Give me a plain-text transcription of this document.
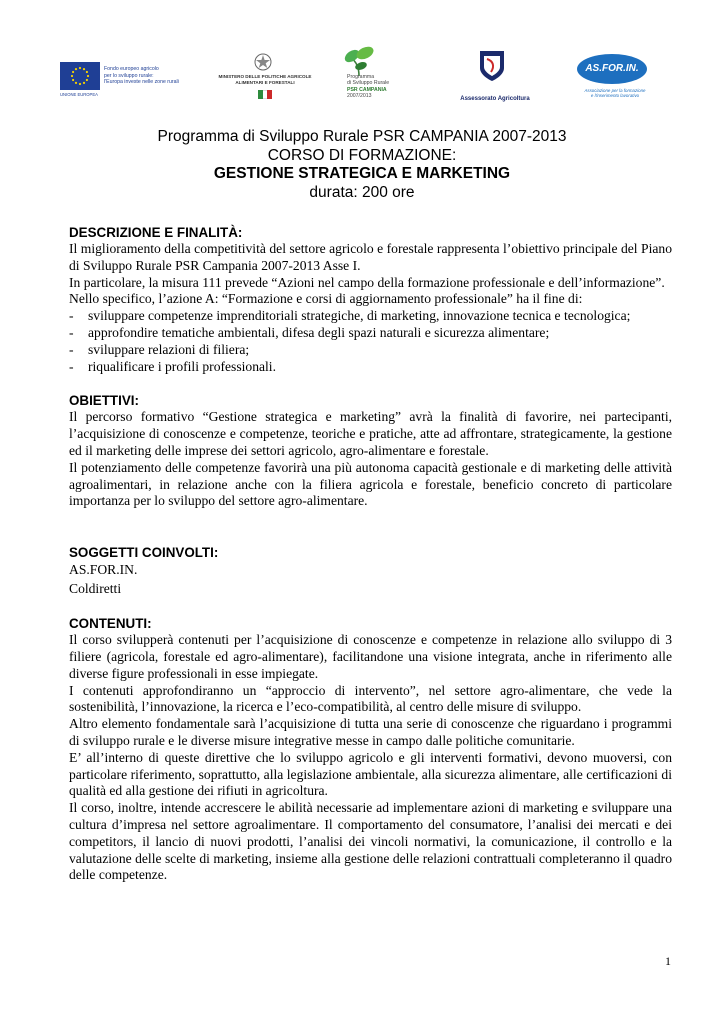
Fondo europeo agricolo
per lo sviluppo rurale:
l'Europa investe nelle zone rurali
UNIONE EUROPEA
MINISTERO DELLE POLITICHE AGRICOLE
ALIMENTARI E FORESTALI
Programma
di Sviluppo Rurale
PSR CAMPANIA
2007/2013	Assessorato Agricoltura
AS.FOR.IN.
Associazione per la formazione
e l'inserimento lavorativo
Programma di Sviluppo Rurale PSR CAMPANIA 2007-2013
CORSO DI FORMAZIONE:
GESTIONE STRATEGICA E MARKETING
durata: 200 ore
DESCRIZIONE E FINALITÀ:
Il miglioramento della competitività del settore agricolo e forestale rappresenta l’obiettivo principale del Piano di Sviluppo Rurale PSR Campania 2007-2013 Asse I.
In particolare, la misura 111 prevede “Azioni nel campo della formazione professionale e dell’informazione”.
Nello specifico, l’azione A: “Formazione e corsi di aggiornamento professionale” ha il fine di:
-	sviluppare competenze imprenditoriali strategiche, di marketing, innovazione tecnica e tecnologica;
-	approfondire tematiche ambientali, difesa degli spazi naturali e sicurezza alimentare;
-	sviluppare relazioni di filiera;
-	riqualificare i profili professionali.
OBIETTIVI:
Il percorso formativo “Gestione strategica e marketing” avrà la finalità di favorire, nei partecipanti, l’acquisizione di conoscenze e competenze, teoriche e pratiche, atte ad affrontare, strategicamente, la gestione ed il marketing delle imprese dei settori agricolo, agro-alimentare e forestale.
Il potenziamento delle competenze favorirà una più autonoma capacità gestionale e di marketing delle attività agroalimentari, in relazione anche con la filiera agricola e forestale, beneficio concreto di particolare importanza per lo sviluppo del settore agro-alimentare.
SOGGETTI COINVOLTI:
AS.FOR.IN.
Coldiretti
CONTENUTI:
Il corso svilupperà contenuti per l’acquisizione di conoscenze e competenze in relazione allo sviluppo di 3 filiere (agricola, forestale ed agro-alimentare), facilitandone una visione integrata, anche in riferimento alle diverse figure professionali in esse impiegate.
I contenuti approfondiranno un “approccio di intervento”, nel settore agro-alimentare, che vede la sostenibilità, l’innovazione, la ricerca e l’eco-compatibilità, al centro delle misure di sviluppo.
Altro elemento fondamentale sarà l’acquisizione di tutta una serie di conoscenze che riguardano i programmi di sviluppo rurale e le diverse misure integrative messe in campo dalle politiche comunitarie.
E’ all’interno di queste direttive che lo sviluppo agricolo e gli interventi formativi, devono muoversi, con particolare riferimento, soprattutto, alla legislazione ambientale, alla sicurezza alimentare, alle certificazioni di qualità ed alla gestione dei rifiuti in agricoltura.
Il corso, inoltre, intende accrescere le abilità necessarie ad implementare azioni di marketing e sviluppare una cultura d’impresa nel settore agroalimentare. Il comportamento del consumatore, l’analisi dei mercati e dei competitors, il lancio di nuovi prodotti, l’analisi dei vincoli normativi, la comunicazione, il controllo e la valutazione delle scelte di marketing, insieme alla gestione delle relazioni contrattuali completeranno il quadro delle competenze.
1
